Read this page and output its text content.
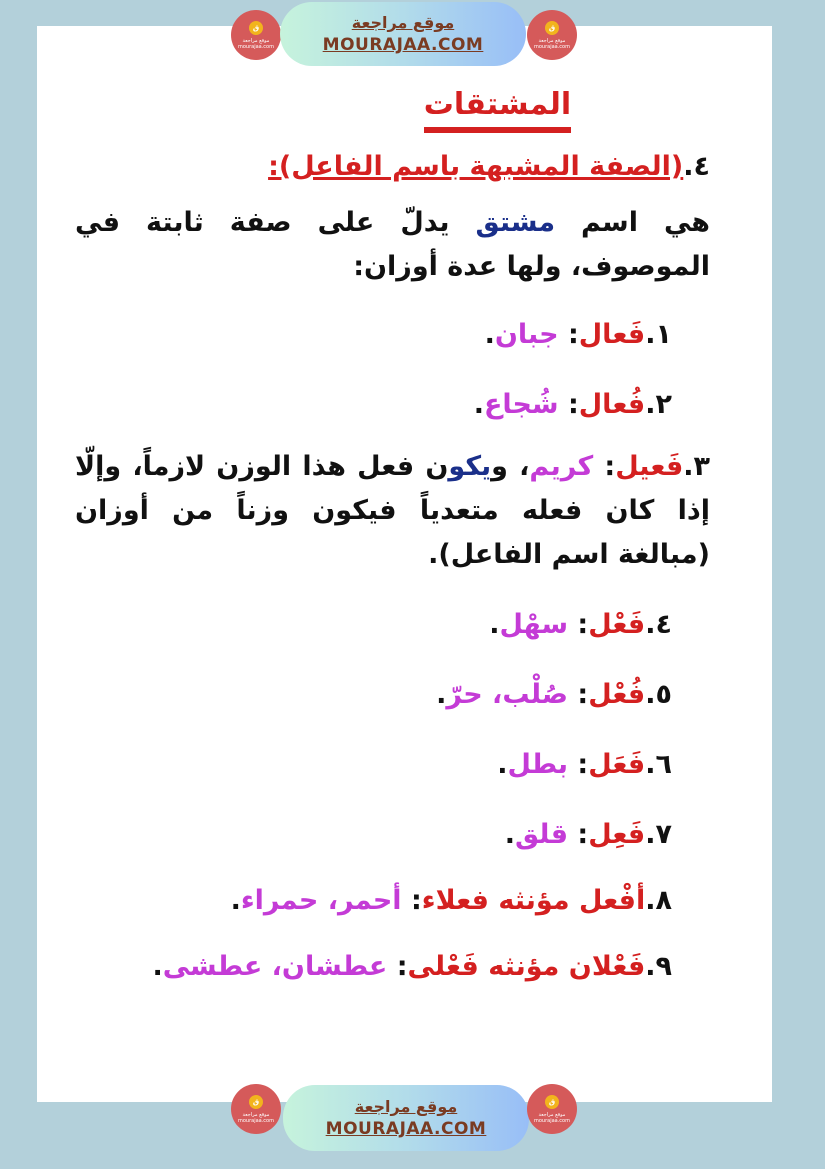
ق
موقع مراجعة mourajaa.com
موقع مراجعة
MOURAJAA.COM
ق
موقع مراجعة mourajaa.com
المشتقات
٤.(الصفة المشبهة باسم الفاعل):
هي اسم مشتق يدلّ على صفة ثابتة في الموصوف، ولها عدة أوزان:
١.فَعال: جبان.
٢.فُعال: شُجاع.
٣.فَعيل: كريم، ويكون فعل هذا الوزن لازماً، وإلّا إذا كان فعله متعدياً فيكون وزناً من أوزان (مبالغة اسم الفاعل).
٤.فَعْل: سهْل.
٥.فُعْل: صُلْب، حرّ.
٦.فَعَل: بطل.
٧.فَعِل: قلق.
٨.أفْعل مؤنثه فعلاء: أحمر، حمراء.
٩.فَعْلان مؤنثه فَعْلى: عطشان، عطشى.
ق
موقع مراجعة mourajaa.com
موقع مراجعة
MOURAJAA.COM
ق
موقع مراجعة mourajaa.com
